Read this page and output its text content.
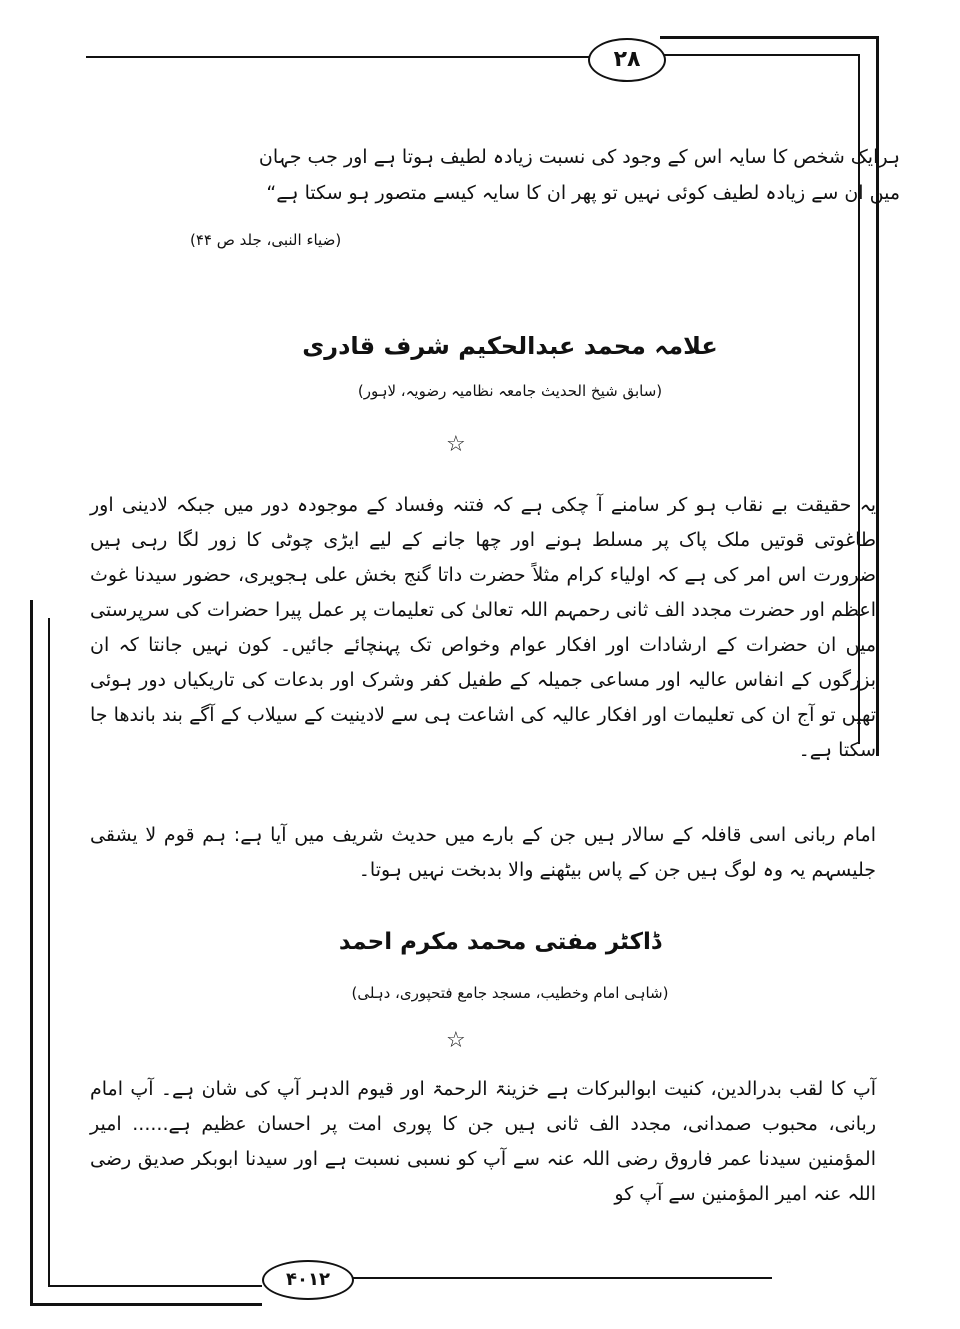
۲۸

ہرایک شخص کا سایہ اس کے وجود کی نسبت زیادہ لطیف ہوتا ہے اور جب جہان

میں ان سے زیادہ لطیف کوئی نہیں تو پھر ان کا سایہ کیسے متصور ہو سکتا ہے“

(ضیاء النبی، جلد ص ۴۴)

علامہ محمد عبدالحکیم شرف قادری

(سابق شیخ الحدیث جامعہ نظامیہ رضویہ، لاہور)

☆

یہ حقیقت بے نقاب ہو کر سامنے آ چکی ہے کہ فتنہ وفساد کے موجودہ دور میں جبکہ لادینی اور طاغوتی قوتیں ملک پاک پر مسلط ہونے اور چھا جانے کے لیے ایڑی چوٹی کا زور لگا رہی ہیں ضرورت اس امر کی ہے کہ اولیاء کرام مثلاً حضرت داتا گنج بخش علی ہجویری، حضور سیدنا غوث اعظم اور حضرت مجدد الف ثانی رحمہم اللہ تعالیٰ کی تعلیمات پر عمل پیرا حضرات کی سرپرستی میں ان حضرات کے ارشادات اور افکار عوام وخواص تک پہنچائے جائیں۔ کون نہیں جانتا کہ ان بزرگوں کے انفاس عالیہ اور مساعی جمیلہ کے طفیل کفر وشرک اور بدعات کی تاریکیاں دور ہوئی تھیں تو آج ان کی تعلیمات اور افکار عالیہ کی اشاعت ہی سے لادینیت کے سیلاب کے آگے بند باندھا جا سکتا ہے۔

امام ربانی اسی قافلہ کے سالار ہیں جن کے بارے میں حدیث شریف میں آیا ہے: ہم قوم لا یشقی جلیسہم یہ وہ لوگ ہیں جن کے پاس بیٹھنے والا بدبخت نہیں ہوتا۔

ڈاکٹر مفتی محمد مکرم احمد

(شاہی امام وخطیب، مسجد جامع فتحپوری، دہلی)

☆

آپ کا لقب بدرالدین، کنیت ابوالبرکات ہے خزینۃ الرحمۃ اور قیوم الدہر آپ کی شان ہے۔ آپ امام ربانی، محبوب صمدانی، مجدد الف ثانی ہیں جن کا پوری امت پر احسان عظیم ہے...... امیر المؤمنین سیدنا عمر فاروق رضی اللہ عنہ سے آپ کو نسبی نسبت ہے اور سیدنا ابوبکر صدیق رضی اللہ عنہ امیر المؤمنین سے آپ کو

۴۰۱۲
